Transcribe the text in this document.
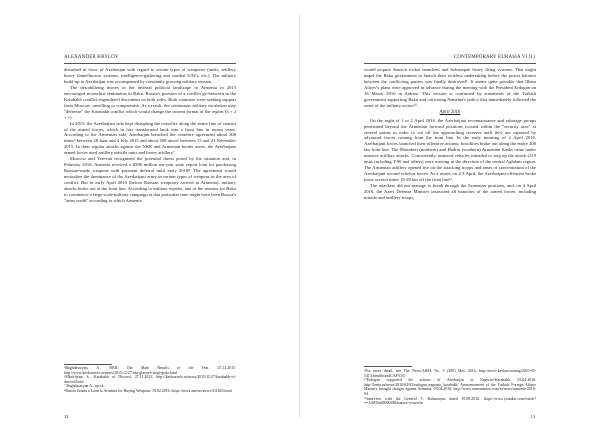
ALEXANDER KRYLOV

disturbed in favor of Azerbaijan with regard to certain types of weaponry (tanks, artillery heavy flamethrower systems, intelligence-gathering and combat UAVs, etc.). The military build-up in Azerbaijan was accompanied by constantly growing military tension.

The destabilizing moves in the internal political landscape in Armenia in 2015 encouraged revanchist sentiments in Baku. Russia's position of a conflict go-between in the Karabakh conflict engendered discontent on both sides. Both countries were seeking support from Moscow, unwilling to compromise. As a result, the continuous military escalation may "defreeze" the Karabakh conflict which would change the current format of the region (3 + 2 + 1).

In 2015, the Azerbaijani side kept disrupting the ceasefire along the entire line of contact of the armed forces, which in fact transformed back into a front line in recent years. According to the Armenian side, Azerbaijan breached the ceasefire agreement about 300 times⁵ between 28 June and 4 July 2015 and about 400 times⁶ between 15 and 21 November 2015. In their regular attacks against the NKR and Armenian border areas, the Azerbaijani armed forces used artillery missile units and heavy artillery⁷.

Moscow and Yerevan recognized the potential threat posed by the situation and, in February 2016, Armenia received a $200 million ten-year state export loan for purchasing Russian-made weapons with payment deferral until early 2018⁸. The agreement would neutralize the dominance of the Azerbaijani army in certain types of weapons in the area of conflict. But in early April 2016 (before Russian weaponry arrived in Armenia), military attacks broke out at the front line. According to military experts, one of the reasons for Baku to commence a large-scale military campaign at that particular time might have been Russia's "arms credit" according to which Armenia

⁵Baghdasaryan, A., NKR: The Main Results of the Year. 27.12.2015. http://www.kavkazinfo.ru/news/2015/12/27/nkr-glavnye-itogi-goda.html

⁶Mkrtchyan, S., Karabakh of Discord, 27.11.2015, http://kavkazinfo.ru/news/2015/11/27/karabakh-of-discord.html

⁷ Baghdasaryan A., op.cit.

⁸Russia Grants a Loan to Armenia for Buying Weapons. 18.02.2016. https://news.am/rus/news/311643.html

12
CONTEMPORARY EURASIA VI (1)

would acquire Smerch rocket launchers and Solntsepek heavy firing systems. That might impel the Baku government to launch their reckless undertaking before the power balance between the conflicting parties was finally destroyed⁹. It seems quite possible that Ilham Aliyev's plans were approved in advance during the meeting with the President Erdogan on 16 March 2016 in Ankara. This version is confirmed by statements of the Turkish government supporting Baku and criticizing Armenia's policy that immediately followed the onset of the military action¹⁰.

April 2016

On the night of 1 to 2 April 2016, the Azerbaijani reconnaissance and sabotage groups penetrated beyond the Armenian forward positions located within the "security area" at several points in order to cut off the approaching reserves until they are captured by advanced forces coming from the front line. In the early morning of 2 April 2016, Azerbaijani forces launched their offensive actions; hostilities broke out along the entire 200 km front line. The Martakert (northern) and Hadrut (southern) Armenian flanks came under massive artillery attacks. Concurrently, armored vehicles intended to step up the attack (219 units including T-90 and others) were moving in the direction of the central Aghdam region. The Armenian artillery opened fire on the attacking troops and areas of concentration of the Azerbaijani second echelon forces. As a result, on 2-3 April, the Azerbaijani offensive broke loose several times 19-20 km off the front line¹¹.

The attackers did not manage to break through the Armenian positions, and, on 4 April 2016, the Azeri Defense Minister instructed all branches of the armed forces, including missile and artillery troops,

⁹For more detail, see The News.ARM, No. 5 (280) May 2016, http://news-kavkaz.ru/mag/2016-05-5413.html#ixzz4CAFY4O

¹⁰Erdogan supported the actions of Azerbaijan in Nagorno-Karabakh. 03.04.2016. http://lenta.ru/news/2016/04/03/erdogan_nagorno_karabakh/ Announcement of the Turkish Foreign Affairs Ministry brought charges against Armenia. 03.04.2016. http://www.armenianow.com/ru/news/armenia-2016-04

¹¹Interview with the General V. Balasanyan dated 19.08.2016. https://www.youtube.com/watch?v=A48Tto6l8SKM&feature=youtu.be

13
